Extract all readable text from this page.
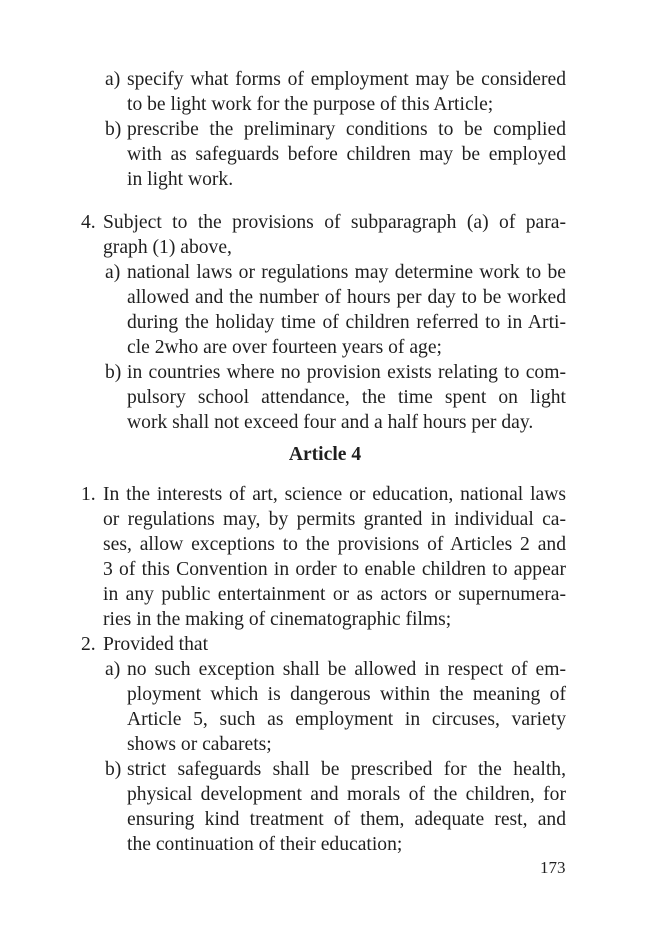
a) specify what forms of employment may be considered
to be light work for the purpose of this Article;
b) prescribe the preliminary conditions to be complied
with as safeguards before children may be employed
in light work.
4. Subject to the provisions of subparagraph (a) of para-
graph (1) above,
a) national laws or regulations may determine work to be
allowed and the number of hours per day to be worked
during the holiday time of children referred to in Arti-
cle 2who are over fourteen years of age;
b) in countries where no provision exists relating to com-
pulsory school attendance, the time spent on light
work shall not exceed four and a half hours per day.
Article 4
1. In the interests of art, science or education, national laws
or regulations may, by permits granted in individual ca-
ses, allow exceptions to the provisions of Articles 2 and
3 of this Convention in order to enable children to appear
in any public entertainment or as actors or supernumera-
ries in the making of cinematographic films;
2. Provided that
a) no such exception shall be allowed in respect of em-
ployment which is dangerous within the meaning of
Article 5, such as employment in circuses, variety
shows or cabarets;
b) strict safeguards shall be prescribed for the health,
physical development and morals of the children, for
ensuring kind treatment of them, adequate rest, and
the continuation of their education;
173
